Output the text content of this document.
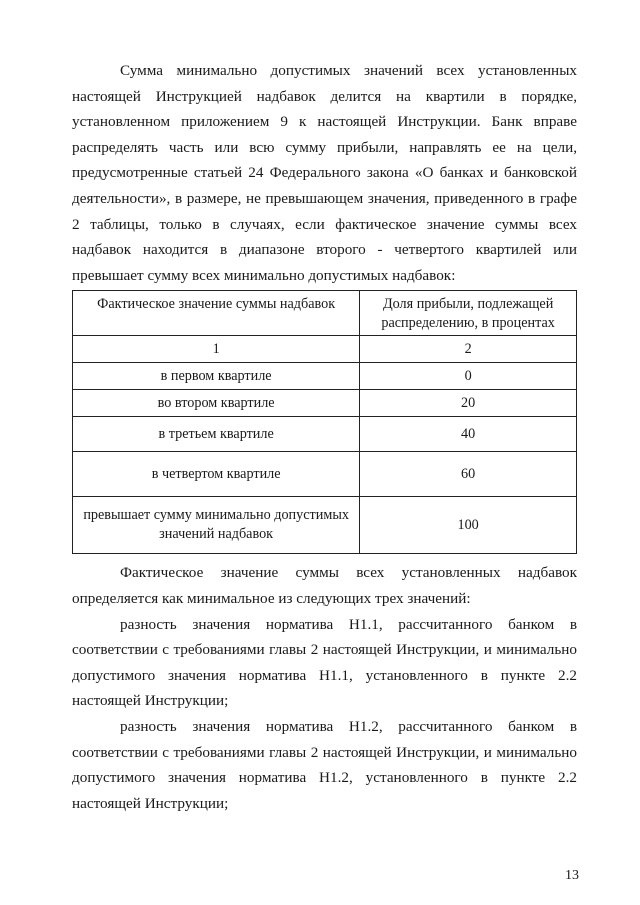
Сумма минимально допустимых значений всех установленных настоящей Инструкцией надбавок делится на квартили в порядке, установленном приложением 9 к настоящей Инструкции. Банк вправе распределять часть или всю сумму прибыли, направлять ее на цели, предусмотренные статьей 24 Федерального закона «О банках и банковской деятельности», в размере, не превышающем значения, приведенного в графе 2 таблицы, только в случаях, если фактическое значение суммы всех надбавок находится в диапазоне второго - четвертого квартилей или превышает сумму всех минимально допустимых надбавок:

Фактическое значение суммы надбавок	Доля прибыли, подлежащей распределению, в процентах
1	2
в первом квартиле	0
во втором квартиле	20
в третьем квартиле	40
в четвертом квартиле	60
превышает сумму минимально допустимых значений надбавок	100

Фактическое значение суммы всех установленных надбавок определяется как минимальное из следующих трех значений:

разность значения норматива Н1.1, рассчитанного банком в соответствии с требованиями главы 2 настоящей Инструкции, и минимально допустимого значения норматива Н1.1, установленного в пункте 2.2 настоящей Инструкции;

разность значения норматива Н1.2, рассчитанного банком в соответствии с требованиями главы 2 настоящей Инструкции, и минимально допустимого значения норматива Н1.2, установленного в пункте 2.2 настоящей Инструкции;

13
